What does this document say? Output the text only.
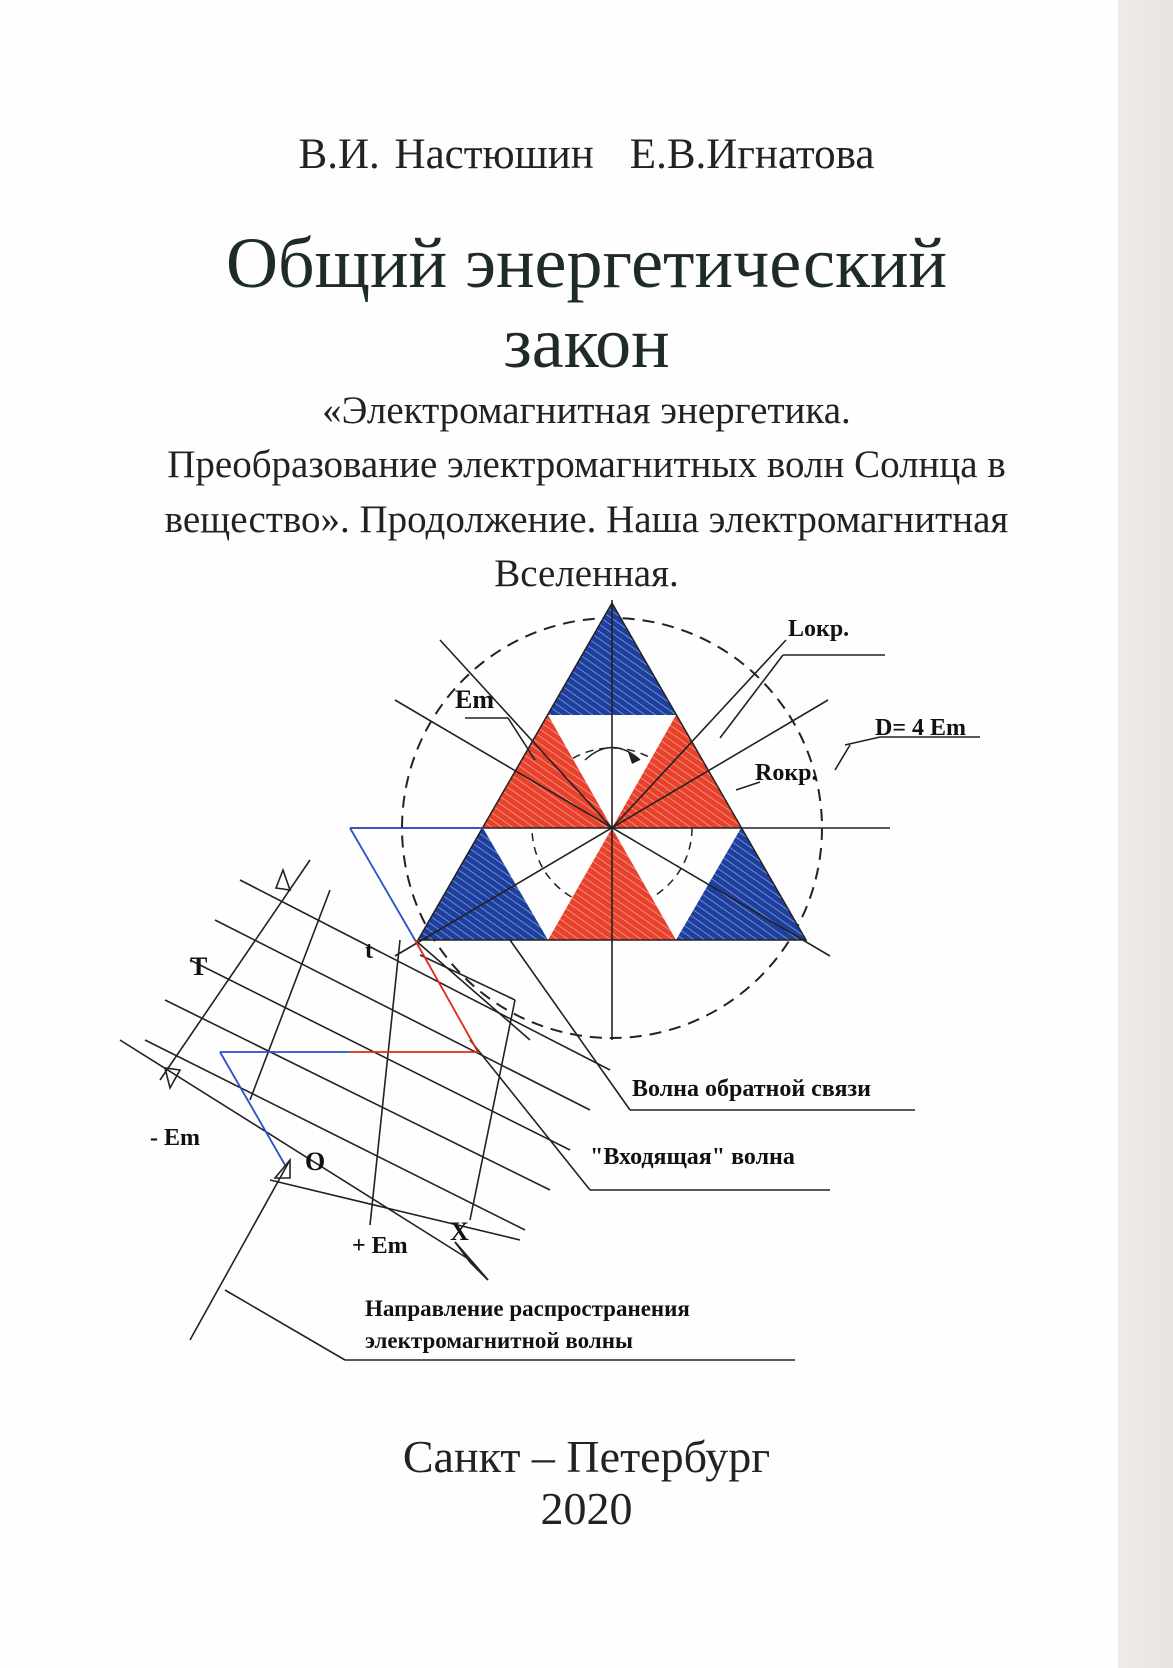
В.И. Настюшин Е.В.Игнатова
Общий энергетический
закон
«Электромагнитная энергетика.
Преобразование электромагнитных волн Солнца в
вещество». Продолжение. Наша электромагнитная
Вселенная.
Lокр.
Em
D= 4 Em
Rокр.
T
t
- Em
O
+ Em X
Волна обратной связи
"Входящая" волна
Направление распространения
электромагнитной волны
Санкт – Петербург
2020
